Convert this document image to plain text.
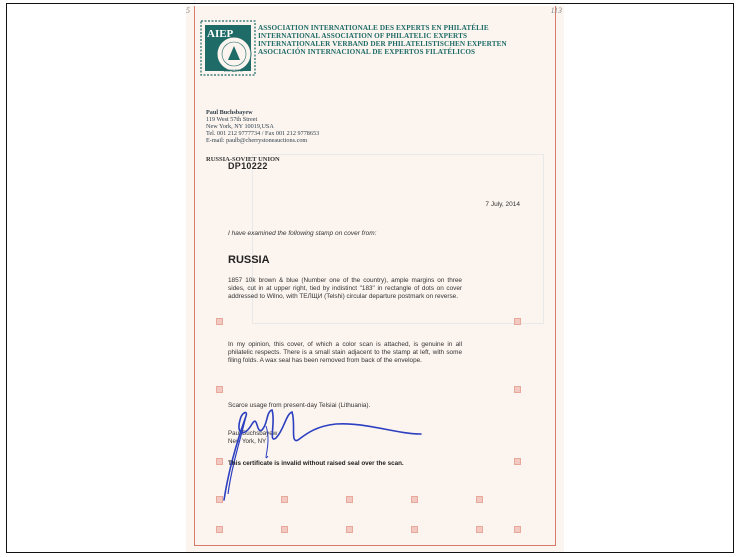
5	113
AIEP
EXPERTS
ASSOCIATION INTERNATIONALE DES EXPERTS EN PHILATÉLIE
INTERNATIONAL ASSOCIATION OF PHILATELIC EXPERTS
INTERNATIONALER VERBAND DER PHILATELISTISCHEN EXPERTEN
ASOCIACIÓN INTERNACIONAL DE EXPERTOS FILATÉLICOS
Paul Buchsbayew
119 West 57th Street
New York, NY 10019,USA
Tel. 001 212 9777734 / Fax 001 212 9778653
E-mail: paulb@cherrystoneauctions.com
RUSSIA-SOVIET UNION
DP10222
7 July, 2014
I have examined the following stamp on cover from:
RUSSIA
1857 10k brown & blue (Number one of the country), ample margins on three sides, cut in at upper right, tied by indistinct "183" in rectangle of dots on cover addressed to Wilno, with ТЕЛЩИ (Telshi) circular departure postmark on reverse.
In my opinion, this cover, of which a color scan is attached, is genuine in all philatelic respects. There is a small stain adjacent to the stamp at left, with some filing folds. A wax seal has been removed from back of the envelope.
Scarce usage from present-day Telsiai (Lithuania).
Paul Buchsbayew
New York, NY
This certificate is invalid without raised seal over the scan.
